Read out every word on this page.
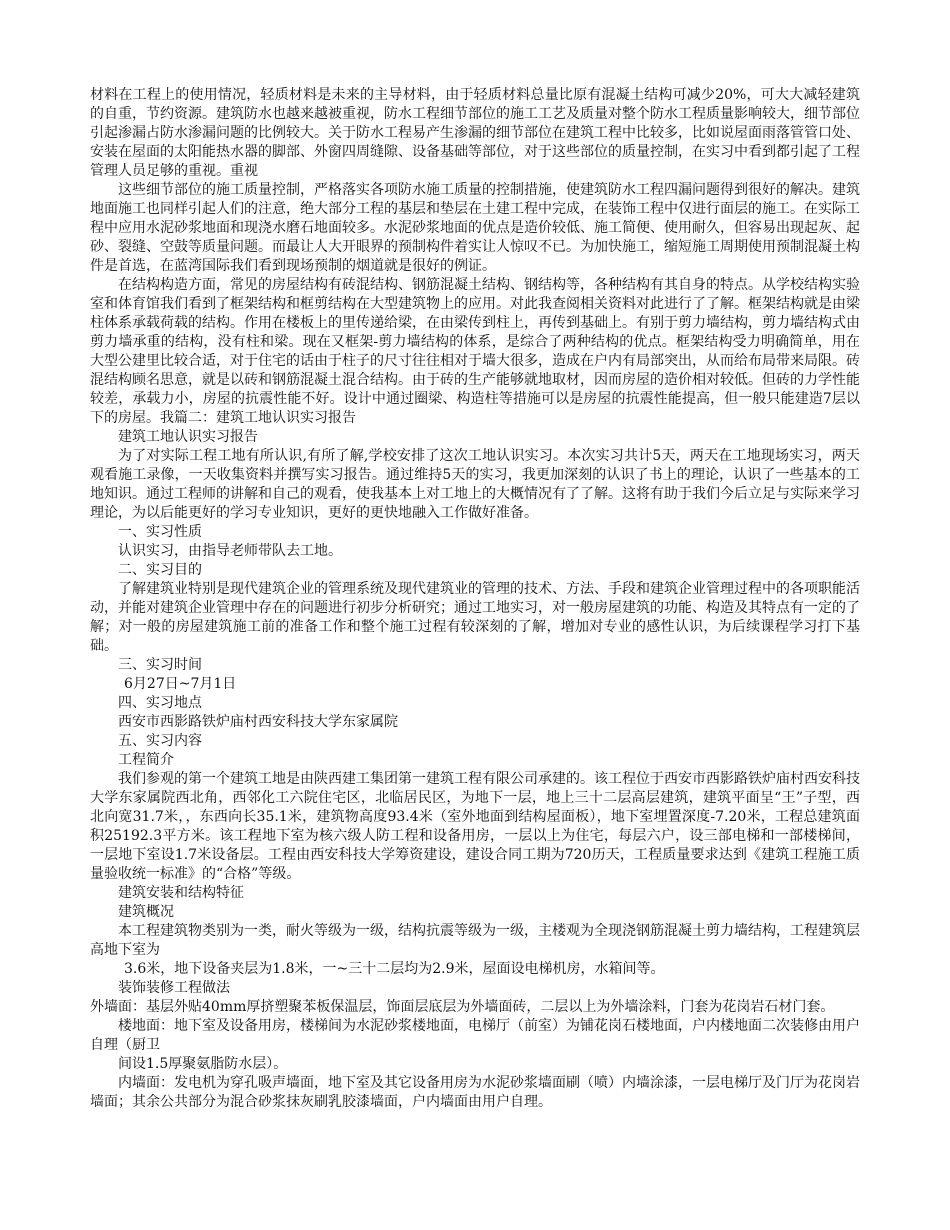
材料在工程上的使用情况，轻质材料是未来的主导材料，由于轻质材料总量比原有混凝土结构可减少20%，可大大减轻建筑的自重，节约资源。建筑防水也越来越被重视，防水工程细节部位的施工工艺及质量对整个防水工程质量影响较大，细节部位引起渗漏占防水渗漏问题的比例较大。关于防水工程易产生渗漏的细节部位在建筑工程中比较多，比如说屋面雨落管管口处、安装在屋面的太阳能热水器的脚部、外窗四周缝隙、设备基础等部位，对于这些部位的质量控制，在实习中看到都引起了工程管理人员足够的重视。重视

这些细节部位的施工质量控制，严格落实各项防水施工质量的控制措施，使建筑防水工程四漏问题得到很好的解决。建筑地面施工也同样引起人们的注意，绝大部分工程的基层和垫层在土建工程中完成，在装饰工程中仅进行面层的施工。在实际工程中应用水泥砂浆地面和现浇水磨石地面较多。水泥砂浆地面的优点是造价较低、施工简便、使用耐久，但容易出现起灰、起砂、裂缝、空鼓等质量问题。而最让人大开眼界的预制构件着实让人惊叹不已。为加快施工，缩短施工周期使用预制混凝土构件是首选，在蓝湾国际我们看到现场预制的烟道就是很好的例证。

在结构构造方面，常见的房屋结构有砖混结构、钢筋混凝土结构、钢结构等，各种结构有其自身的特点。从学校结构实验室和体育馆我们看到了框架结构和框剪结构在大型建筑物上的应用。对此我查阅相关资料对此进行了了解。框架结构就是由梁柱体系承载荷载的结构。作用在楼板上的里传递给梁，在由梁传到柱上，再传到基础上。有别于剪力墙结构，剪力墙结构式由剪力墙承重的结构，没有柱和梁。现在又框架-剪力墙结构的体系，是综合了两种结构的优点。框架结构受力明确简单，用在大型公建里比较合适，对于住宅的话由于柱子的尺寸往往相对于墙大很多，造成在户内有局部突出，从而给布局带来局限。砖混结构顾名思意，就是以砖和钢筋混凝土混合结构。由于砖的生产能够就地取材，因而房屋的造价相对较低。但砖的力学性能较差，承载力小，房屋的抗震性能不好。设计中通过圈梁、构造柱等措施可以是房屋的抗震性能提高，但一般只能建造7层以下的房屋。我篇二：建筑工地认识实习报告

建筑工地认识实习报告

为了对实际工程工地有所认识,有所了解,学校安排了这次工地认识实习。本次实习共计5天，两天在工地现场实习，两天观看施工录像，一天收集资料并撰写实习报告。通过维持5天的实习，我更加深刻的认识了书上的理论，认识了一些基本的工地知识。通过工程师的讲解和自己的观看，使我基本上对工地上的大概情况有了了解。这将有助于我们今后立足与实际来学习理论，为以后能更好的学习专业知识，更好的更快地融入工作做好准备。

一、实习性质

认识实习，由指导老师带队去工地。

二、实习目的

了解建筑业特别是现代建筑企业的管理系统及现代建筑业的管理的技术、方法、手段和建筑企业管理过程中的各项职能活动，并能对建筑企业管理中存在的问题进行初步分析研究；通过工地实习，对一般房屋建筑的功能、构造及其特点有一定的了解；对一般的房屋建筑施工前的准备工作和整个施工过程有较深刻的了解，增加对专业的感性认识，为后续课程学习打下基础。

三、实习时间

6月27日~7月1日

四、实习地点

西安市西影路铁炉庙村西安科技大学东家属院

五、实习内容

工程简介

我们参观的第一个建筑工地是由陕西建工集团第一建筑工程有限公司承建的。该工程位于西安市西影路铁炉庙村西安科技大学东家属院西北角，西邻化工六院住宅区，北临居民区，为地下一层，地上三十二层高层建筑，建筑平面呈“王”子型，西北向宽31.7米，，东西向长35.1米，建筑物高度93.4米（室外地面到结构屋面板），地下室埋置深度-7.20米，工程总建筑面积25192.3平方米。该工程地下室为核六级人防工程和设备用房，一层以上为住宅，每层六户，设三部电梯和一部楼梯间，一层地下室设1.7米设备层。工程由西安科技大学筹资建设，建设合同工期为720历天，工程质量要求达到《建筑工程施工质量验收统一标准》的“合格”等级。

建筑安装和结构特征

建筑概况

本工程建筑物类别为一类，耐火等级为一级，结构抗震等级为一级，主楼观为全现浇钢筋混凝土剪力墙结构，工程建筑层高地下室为

3.6米，地下设备夹层为1.8米，一~三十二层均为2.9米，屋面设电梯机房，水箱间等。

装饰装修工程做法

外墙面：基层外贴40mm厚挤塑聚苯板保温层，饰面层底层为外墙面砖，二层以上为外墙涂料，门套为花岗岩石材门套。

楼地面：地下室及设备用房，楼梯间为水泥砂浆楼地面，电梯厅（前室）为铺花岗石楼地面，户内楼地面二次装修由用户自理（厨卫

间设1.5厚聚氨脂防水层）。

内墙面：发电机为穿孔吸声墙面，地下室及其它设备用房为水泥砂浆墙面刷（喷）内墙涂漆，一层电梯厅及门厅为花岗岩墙面；其余公共部分为混合砂浆抹灰刷乳胶漆墙面，户内墙面由用户自理。
